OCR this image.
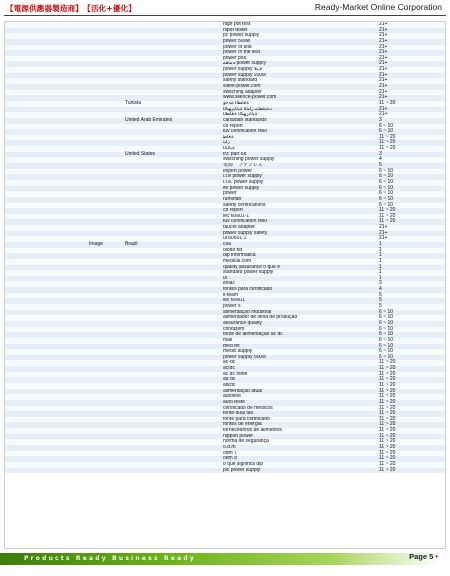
【電源供應器製造商】 【活化+優化】	Ready-Market Online Corporation
high pot test	21+
hipot tester	21+
pc power supply	21+
power 500w	21+
power of test	21+
power of the test	21+
power pos	21+
ﻪﻣﺎﻘﻣ power supply	21+
power supply ﻑﻼ	21+
power supply 200w	21+
safety standard	21+
silent-power.com	21+
switching adapter	21+
www.silence-power.com	21+
Tunisia	ﺔﻗﺎﻄﻟﺍ ﺓﺪﺣﻭ	11 ~ 20
ﺕﺎﺒﻠﻄﺘﻣ ﺭﺎﻴﺘﻟﺍ ﺔﻴﺋﺎﺑﺮﻬﻜﻟﺍ	21+
ﺔﻴﺋﺎﺑﺮﻬﻜﻟﺍ ﺔﻗﺎﻄﻟﺍ	21+
United Arab Emirates	canadian standards	3
cb report	6 ~ 10
tuv certification reiki	6 ~ 10
ﺔﻗﺎﻃ	11 ~ 20
ﺭﺎﻴﺗ	11 ~ 20
ﺔﻴﻟﺎﺘﻟﺍ	11 ~ 20
United States	fcc part 68	3
switching power supply	4
電源　ファンレス	5
expert power	6 ~ 10
i.t.e power supply	6 ~ 10
i.t.e. power supply	6 ~ 10
ite power supply	6 ~ 10
power	6 ~ 10
rumofan	6 ~ 10
safety certifications	6 ~ 10
cb report	11 ~ 20
iec 60601-1	11 ~ 20
tuv certification reiki	11 ~ 20
faucet adapter	21+
power supply safety	21+
ul 60601 1	21+
Image	Brazil	csa	1
diodo fet	1
dip informatica	1
medical.com	1
quality assurance o que é	1
standard power supply	1
ul	1
eniac	3
fontes para certificado	4
il-team	5
iec 60601	5
power s	5
alimentação industrial	6 ~ 10
alimentador de linha de produção	6 ~ 10
assurance quality	6 ~ 10
condizem	6 ~ 10
fonte de alimentação ac dc	6 ~ 10
mail	6 ~ 10
med fet	6 ~ 10
medic supply	6 ~ 10
power supply 500w	6 ~ 10
ac-dc	11 ~ 20
ac/dc	11 ~ 20
ac dc fonte	11 ~ 20
ad dc	11 ~ 20
ad/dc	11 ~ 20
alimentação atual	11 ~ 20
autotest	11 ~ 20
auto teste	11 ~ 20
certificado de medicos	11 ~ 20
fonte dual fan	11 ~ 20
fonte para certificado	11 ~ 20
fontes de energia	11 ~ 20
fornecedores de alimentos	11 ~ 20
nippon power	11 ~ 20
norma de segurança	11 ~ 20
o.d.m	11 ~ 20
odm 7	11 ~ 20
odm 8	11 ~ 20
o que significa dip	11 ~ 20
pic power supply	11 ~ 20
Products Ready Business Ready	Page 5 •
